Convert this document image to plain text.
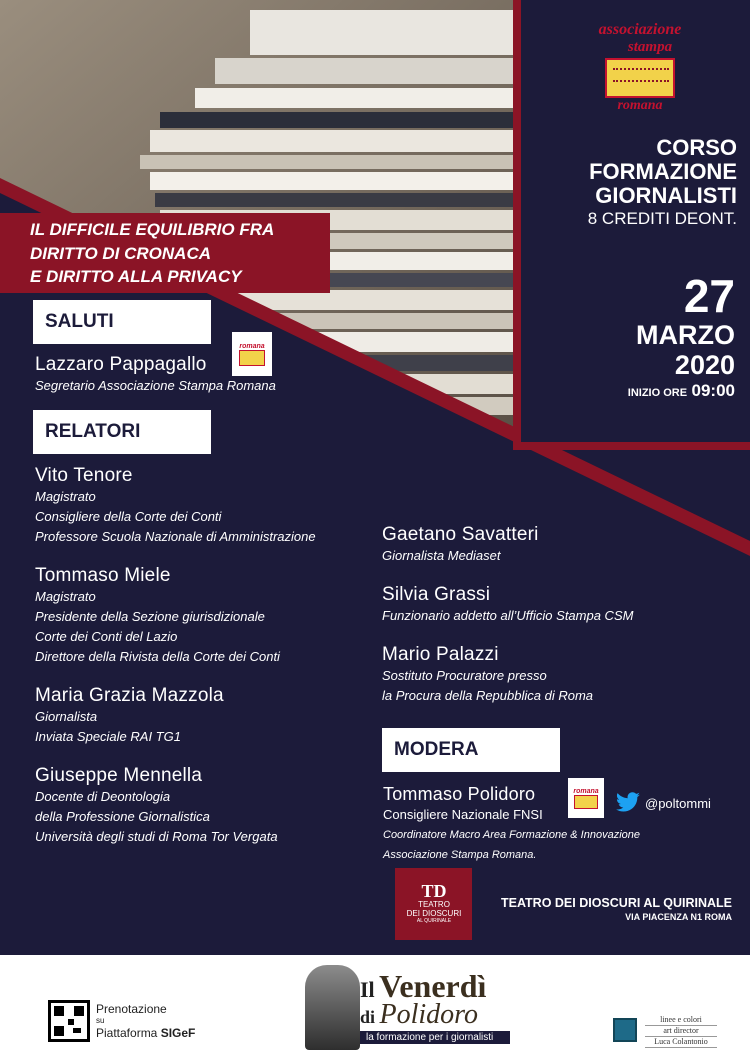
associazione
stampa
romana
CORSO
FORMAZIONE
GIORNALISTI
8 CREDITI DEONT.
27
MARZO
2020
INIZIO ORE 09:00
IL DIFFICILE EQUILIBRIO FRA
DIRITTO DI CRONACA
E DIRITTO ALLA PRIVACY
SALUTI
Lazzaro Pappagallo
Segretario Associazione Stampa Romana
romana
RELATORI
Vito Tenore
Magistrato
Consigliere della Corte dei Conti
Professore Scuola Nazionale di Amministrazione
Tommaso Miele
Magistrato
Presidente della Sezione giurisdizionale
Corte dei Conti del Lazio
Direttore della Rivista della Corte dei Conti
Maria Grazia Mazzola
Giornalista
Inviata Speciale RAI TG1
Giuseppe Mennella
Docente di Deontologia
della Professione Giornalistica
Università degli studi di Roma Tor Vergata
Gaetano Savatteri
Giornalista Mediaset
Silvia Grassi
Funzionario addetto all’Ufficio Stampa CSM
Mario Palazzi
Sostituto Procuratore presso
la Procura della Repubblica di Roma
MODERA
Tommaso Polidoro
Consigliere Nazionale FNSI
Coordinatore Macro Area Formazione & Innovazione
Associazione Stampa Romana.
romana
@poltommi
TD
TEATRO
DEI DIOSCURI
AL QUIRINALE
TEATRO DEI DIOSCURI AL QUIRINALE
VIA PIACENZA N1 ROMA
Prenotazione
su
Piattaforma SIGeF
Il Venerdì
di Polidoro
la formazione per i giornalisti
linee e colori
art director
Luca Colantonio
